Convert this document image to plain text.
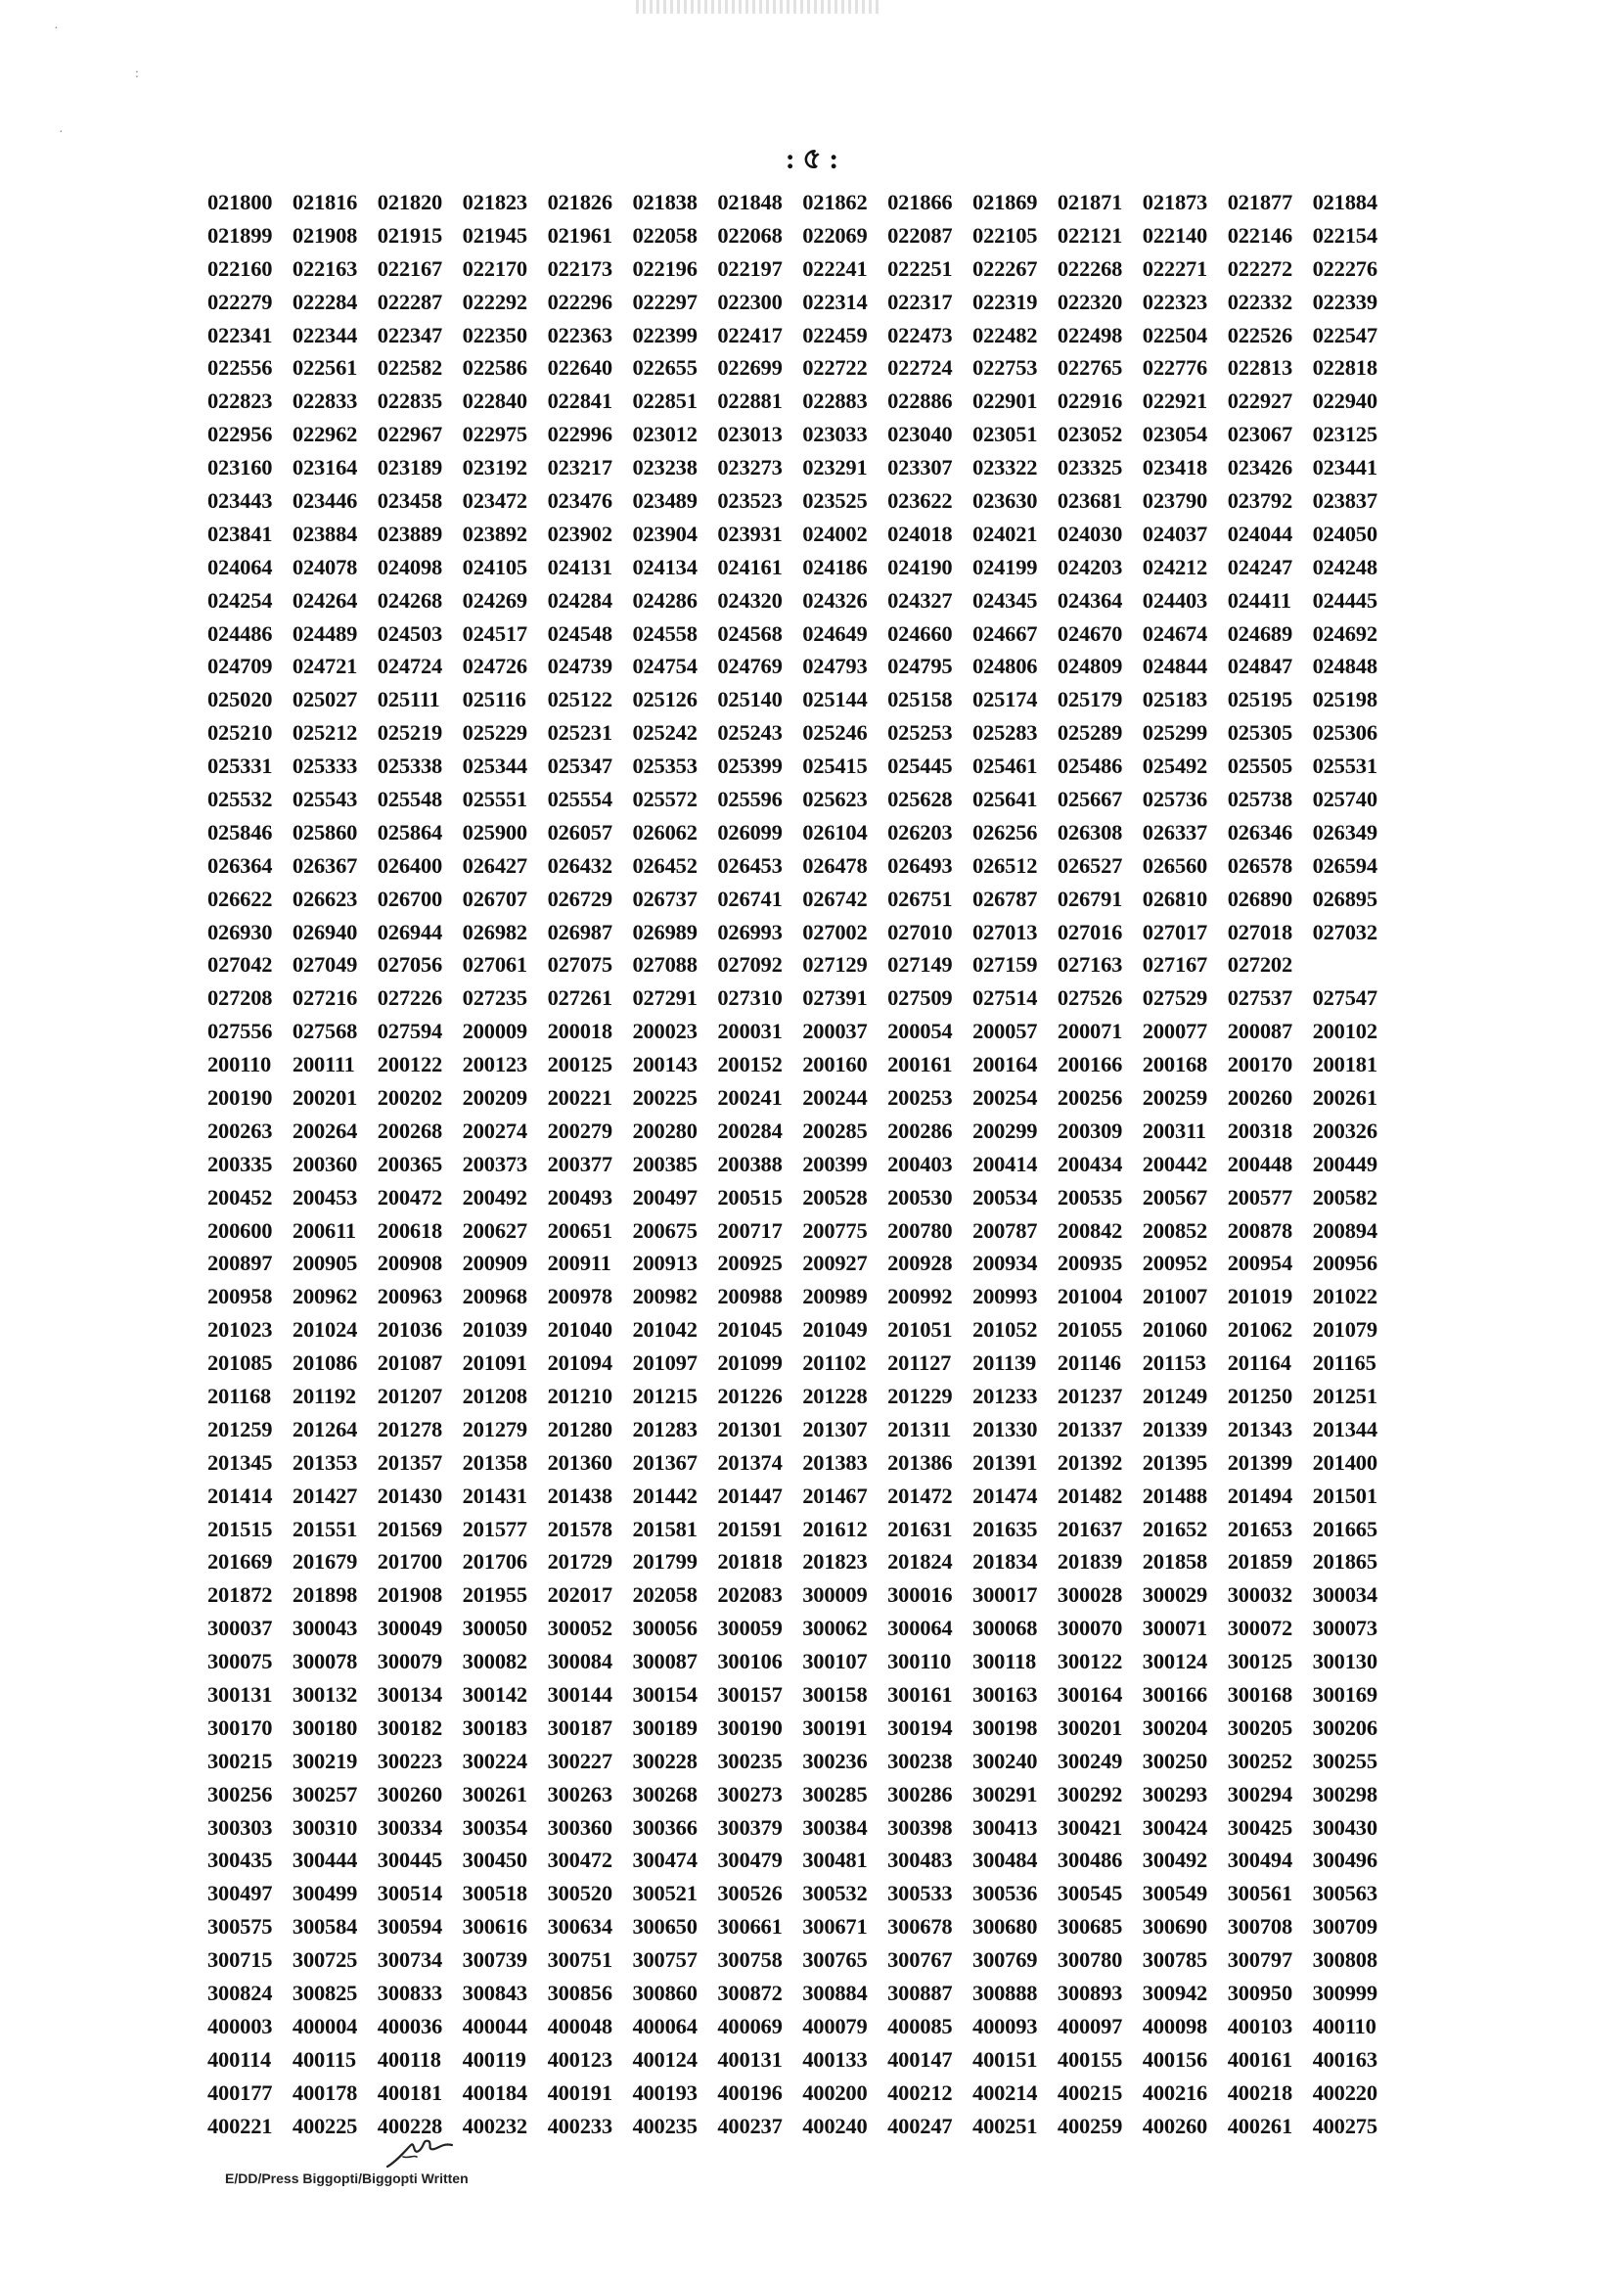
·
:
·
: ৫ :
021800 021816 021820 021823 021826 021838 021848 021862 021866 021869 021871 021873 021877 021884
021899 021908 021915 021945 021961 022058 022068 022069 022087 022105 022121 022140 022146 022154
022160 022163 022167 022170 022173 022196 022197 022241 022251 022267 022268 022271 022272 022276
022279 022284 022287 022292 022296 022297 022300 022314 022317 022319 022320 022323 022332 022339
022341 022344 022347 022350 022363 022399 022417 022459 022473 022482 022498 022504 022526 022547
022556 022561 022582 022586 022640 022655 022699 022722 022724 022753 022765 022776 022813 022818
022823 022833 022835 022840 022841 022851 022881 022883 022886 022901 022916 022921 022927 022940
022956 022962 022967 022975 022996 023012 023013 023033 023040 023051 023052 023054 023067 023125
023160 023164 023189 023192 023217 023238 023273 023291 023307 023322 023325 023418 023426 023441
023443 023446 023458 023472 023476 023489 023523 023525 023622 023630 023681 023790 023792 023837
023841 023884 023889 023892 023902 023904 023931 024002 024018 024021 024030 024037 024044 024050
024064 024078 024098 024105 024131 024134 024161 024186 024190 024199 024203 024212 024247 024248
024254 024264 024268 024269 024284 024286 024320 024326 024327 024345 024364 024403 024411 024445
024486 024489 024503 024517 024548 024558 024568 024649 024660 024667 024670 024674 024689 024692
024709 024721 024724 024726 024739 024754 024769 024793 024795 024806 024809 024844 024847 024848
025020 025027 025111	025116 025122 025126 025140 025144 025158 025174 025179 025183 025195 025198
025210 025212 025219 025229 025231 025242 025243 025246 025253 025283 025289 025299 025305 025306
025331 025333 025338 025344 025347 025353 025399 025415 025445 025461 025486 025492 025505 025531
025532 025543 025548 025551 025554 025572 025596 025623 025628 025641 025667 025736 025738 025740
025846 025860 025864 025900 026057 026062 026099 026104 026203 026256 026308 026337 026346 026349
026364 026367 026400 026427 026432 026452 026453 026478 026493 026512 026527 026560 026578 026594
026622 026623 026700 026707 026729 026737 026741 026742 026751 026787 026791 026810 026890 026895
026930 026940 026944 026982 026987 026989 026993 027002 027010 027013 027016 027017 027018 027032
027042 027049 027056 027061 027075 027088 027092 027129 027149 027159 027163 027167 027202
027208 027216 027226 027235 027261 027291 027310 027391 027509 027514 027526 027529 027537 027547
027556 027568 027594 200009 200018 200023 200031 200037 200054 200057 200071 200077 200087 200102
200110 200111	200122 200123 200125 200143 200152 200160 200161 200164 200166 200168 200170 200181
200190 200201 200202 200209 200221 200225 200241 200244 200253 200254 200256 200259 200260 200261
200263 200264 200268 200274 200279 200280 200284 200285 200286 200299 200309 200311 200318 200326
200335 200360 200365 200373 200377 200385 200388 200399 200403 200414 200434 200442 200448 200449
200452 200453 200472 200492 200493 200497 200515 200528 200530 200534 200535 200567 200577 200582
200600 200611 200618 200627 200651 200675 200717 200775 200780 200787 200842 200852 200878 200894
200897 200905 200908 200909 200911 200913 200925 200927 200928 200934 200935 200952 200954 200956
200958 200962 200963 200968 200978 200982 200988 200989 200992 200993 201004 201007 201019 201022
201023 201024 201036 201039 201040 201042 201045 201049 201051 201052 201055 201060 201062 201079
201085 201086 201087 201091 201094 201097 201099 201102 201127 201139 201146 201153 201164 201165
201168 201192 201207 201208 201210 201215 201226 201228 201229 201233 201237 201249 201250 201251
201259 201264 201278 201279 201280 201283 201301 201307 201311 201330 201337 201339 201343 201344
201345 201353 201357 201358 201360 201367 201374 201383 201386 201391 201392 201395 201399 201400
201414 201427 201430 201431 201438 201442 201447 201467 201472 201474 201482 201488 201494 201501
201515 201551 201569 201577 201578 201581 201591 201612 201631 201635 201637 201652 201653 201665
201669 201679 201700 201706 201729 201799 201818 201823 201824 201834 201839 201858 201859 201865
201872 201898 201908 201955 202017 202058 202083 300009 300016 300017 300028 300029 300032 300034
300037 300043 300049 300050 300052 300056 300059 300062 300064 300068 300070 300071 300072 300073
300075 300078 300079 300082 300084 300087 300106 300107 300110 300118 300122 300124 300125 300130
300131 300132 300134 300142 300144 300154 300157 300158 300161 300163 300164 300166 300168 300169
300170 300180 300182 300183 300187 300189 300190 300191 300194 300198 300201 300204 300205 300206
300215 300219 300223 300224 300227 300228 300235 300236 300238 300240 300249 300250 300252 300255
300256 300257 300260 300261 300263 300268 300273 300285 300286 300291 300292 300293 300294 300298
300303 300310 300334 300354 300360 300366 300379 300384 300398 300413 300421 300424 300425 300430
300435 300444 300445 300450 300472 300474 300479 300481 300483 300484 300486 300492 300494 300496
300497 300499 300514 300518 300520 300521 300526 300532 300533 300536 300545 300549 300561 300563
300575 300584 300594 300616 300634 300650 300661 300671 300678 300680 300685 300690 300708 300709
300715 300725 300734 300739 300751 300757 300758 300765 300767 300769 300780 300785 300797 300808
300824 300825 300833 300843 300856 300860 300872 300884 300887 300888 300893 300942 300950 300999
400003 400004 400036 400044 400048 400064 400069 400079 400085 400093 400097 400098 400103 400110
400114 400115 400118 400119 400123 400124 400131 400133 400147 400151 400155 400156 400161 400163
400177 400178 400181 400184 400191 400193 400196 400200 400212 400214 400215 400216 400218 400220
400221 400225 400228 400232 400233 400235 400237 400240 400247 400251 400259 400260 400261 400275
E/DD/Press Biggopti/Biggopti Written
